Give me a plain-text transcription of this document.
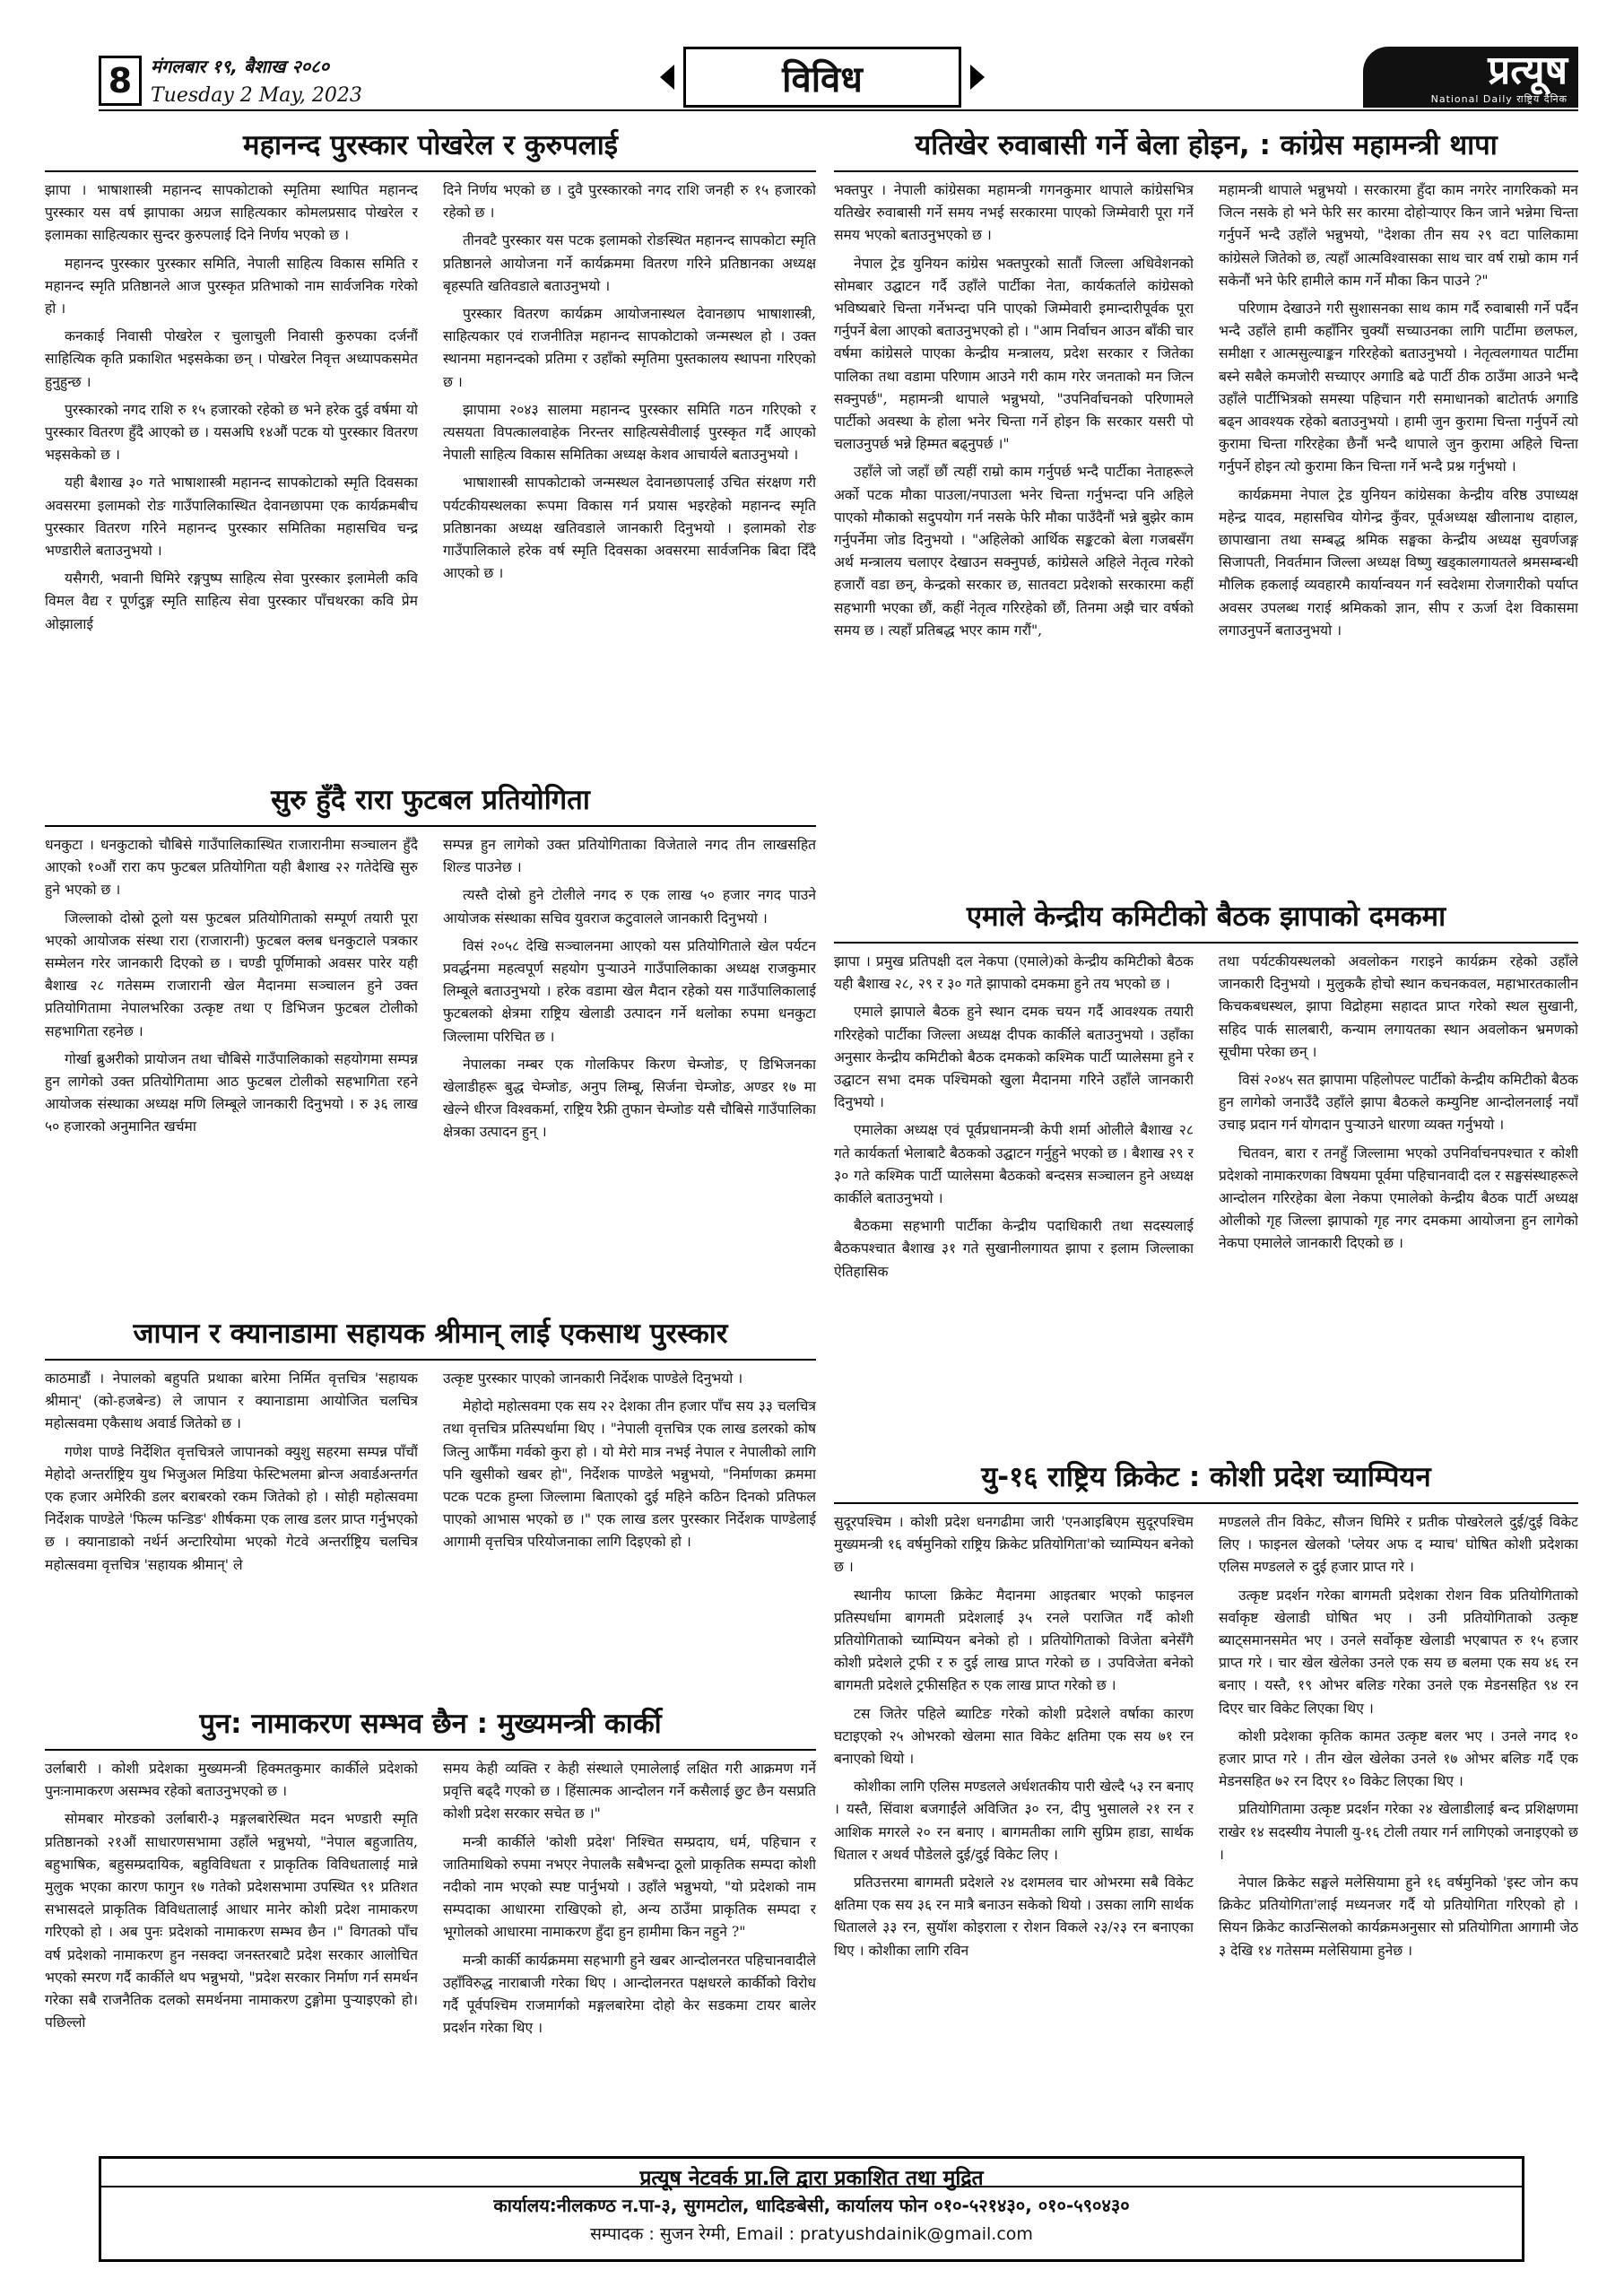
8	मंगलबार १९, बैशाख २०८०
Tuesday 2 May, 2023	विविध	प्रत्यूष
National Daily राष्ट्रिय दैनिक
महानन्द पुरस्कार पोखरेल र कुरुपलाई

झापा । भाषाशास्त्री महानन्द सापकोटाको स्मृतिमा स्थापित महानन्द पुरस्कार यस वर्ष झापाका अग्रज साहित्यकार कोमलप्रसाद पोखरेल र इलामका साहित्यकार सुन्दर कुरुपलाई दिने निर्णय भएको छ ।

महानन्द पुरस्कार पुरस्कार समिति, नेपाली साहित्य विकास समिति र महानन्द स्मृति प्रतिष्ठानले आज पुरस्कृत प्रतिभाको नाम सार्वजनिक गरेको हो ।

कनकाई निवासी पोखरेल र चुलाचुली निवासी कुरुपका दर्जनौं साहित्यिक कृति प्रकाशित भइसकेका छन् । पोखरेल निवृत्त अध्यापकसमेत हुनुहुन्छ ।

पुरस्कारको नगद राशि रु १५ हजारको रहेको छ भने हरेक दुई वर्षमा यो पुरस्कार वितरण हुँदै आएको छ । यसअघि १४औं पटक यो पुरस्कार वितरण भइसकेको छ ।

यही बैशाख ३० गते भाषाशास्त्री महानन्द सापकोटाको स्मृति दिवसका अवसरमा इलामको रोङ गाउँपालिकास्थित देवानछापमा एक कार्यक्रमबीच पुरस्कार वितरण गरिने महानन्द पुरस्कार समितिका महासचिव चन्द्र भण्डारीले बताउनुभयो ।

यसैगरी, भवानी घिमिरे रङ्गपुष्प साहित्य सेवा पुरस्कार इलामेली कवि विमल वैद्य र पूर्णदुङ्ग स्मृति साहित्य सेवा पुरस्कार पाँचथरका कवि प्रेम ओझालाई

दिने निर्णय भएको छ । दुवै पुरस्कारको नगद राशि जनही रु १५ हजारको रहेको छ ।

तीनवटै पुरस्कार यस पटक इलामको रोङस्थित महानन्द सापकोटा स्मृति प्रतिष्ठानले आयोजना गर्ने कार्यक्रममा वितरण गरिने प्रतिष्ठानका अध्यक्ष बृहस्पति खतिवडाले बताउनुभयो ।

पुरस्कार वितरण कार्यक्रम आयोजनास्थल देवानछाप भाषाशास्त्री, साहित्यकार एवं राजनीतिज्ञ महानन्द सापकोटाको जन्मस्थल हो । उक्त स्थानमा महानन्दको प्रतिमा र उहाँको स्मृतिमा पुस्तकालय स्थापना गरिएको छ ।

झापामा २०४३ सालमा महानन्द पुरस्कार समिति गठन गरिएको र त्यसयता विपत्कालवाहेक निरन्तर साहित्यसेवीलाई पुरस्कृत गर्दै आएको नेपाली साहित्य विकास समितिका अध्यक्ष केशव आचार्यले बताउनुभयो ।

भाषाशास्त्री सापकोटाको जन्मस्थल देवानछापलाई उचित संरक्षण गरी पर्यटकीयस्थलका रूपमा विकास गर्न प्रयास भइरहेको महानन्द स्मृति प्रतिष्ठानका अध्यक्ष खतिवडाले जानकारी दिनुभयो । इलामको रोङ गाउँपालिकाले हरेक वर्ष स्मृति दिवसका अवसरमा सार्वजनिक बिदा दिँदै आएको छ ।

सुरु हुँदै रारा फुटबल प्रतियोगिता

धनकुटा । धनकुटाको चौबिसे गाउँपालिकास्थित राजारानीमा सञ्चालन हुँदै आएको १०औं रारा कप फुटबल प्रतियोगिता यही बैशाख २२ गतेदेखि सुरु हुने भएको छ ।

जिल्लाको दोस्रो ठूलो यस फुटबल प्रतियोगिताको सम्पूर्ण तयारी पूरा भएको आयोजक संस्था रारा (राजारानी) फुटबल क्लब धनकुटाले पत्रकार सम्मेलन गरेर जानकारी दिएको छ । चण्डी पूर्णिमाको अवसर पारेर यही बैशाख २८ गतेसम्म राजारानी खेल मैदानमा सञ्चालन हुने उक्त प्रतियोगितामा नेपालभरिका उत्कृष्ट तथा ए डिभिजन फुटबल टोलीको सहभागिता रहनेछ ।

गोर्खा ब्रुअरीको प्रायोजन तथा चौबिसे गाउँपालिकाको सहयोगमा सम्पन्न हुन लागेको उक्त प्रतियोगितामा आठ फुटबल टोलीको सहभागिता रहने आयोजक संस्थाका अध्यक्ष मणि लिम्बूले जानकारी दिनुभयो । रु ३६ लाख ५० हजारको अनुमानित खर्चमा

सम्पन्न हुन लागेको उक्त प्रतियोगिताका विजेताले नगद तीन लाखसहित शिल्ड पाउनेछ ।

त्यस्तै दोस्रो हुने टोलीले नगद रु एक लाख ५० हजार नगद पाउने आयोजक संस्थाका सचिव युवराज कटुवालले जानकारी दिनुभयो ।

विसं २०५८ देखि सञ्चालनमा आएको यस प्रतियोगिताले खेल पर्यटन प्रवर्द्धनमा महत्वपूर्ण सहयोग पुऱ्याउने गाउँपालिकाका अध्यक्ष राजकुमार लिम्बूले बताउनुभयो । हरेक वडामा खेल मैदान रहेको यस गाउँपालिकालाई फुटबलको क्षेत्रमा राष्ट्रिय खेलाडी उत्पादन गर्ने थलोका रुपमा धनकुटा जिल्लामा परिचित छ ।

नेपालका नम्बर एक गोलकिपर किरण चेम्जोङ, ए डिभिजनका खेलाडीहरू बुद्ध चेम्जोङ, अनुप लिम्बू, सिर्जना चेम्जोङ, अण्डर १७ मा खेल्ने धीरज विश्वकर्मा, राष्ट्रिय रैफ्री तुफान चेम्जोङ यसै चौबिसे गाउँपालिका क्षेत्रका उत्पादन हुन् ।

जापान र क्यानाडामा सहायक श्रीमान् लाई एकसाथ पुरस्कार

काठमाडौं । नेपालको बहुपति प्रथाका बारेमा निर्मित वृत्तचित्र 'सहायक श्रीमान्' (को-हजबेन्ड) ले जापान र क्यानाडामा आयोजित चलचित्र महोत्सवमा एकैसाथ अवार्ड जितेको छ ।

गणेश पाण्डे निर्देशित वृत्तचित्रले जापानको क्युशु सहरमा सम्पन्न पाँचौं मेहोदो अन्तर्राष्ट्रिय युथ भिजुअल मिडिया फेस्टिभलमा ब्रोन्ज अवार्डअन्तर्गत एक हजार अमेरिकी डलर बराबरको रकम जितेको हो । सोही महोत्सवमा निर्देशक पाण्डेले 'फिल्म फन्डिङ' शीर्षकमा एक लाख डलर प्राप्त गर्नुभएको छ । क्यानाडाको नर्थर्न अन्टारियोमा भएको गेटवे अन्तर्राष्ट्रिय चलचित्र महोत्सवमा वृत्तचित्र 'सहायक श्रीमान्' ले

उत्कृष्ट पुरस्कार पाएको जानकारी निर्देशक पाण्डेले दिनुभयो ।

मेहोदो महोत्सवमा एक सय २२ देशका तीन हजार पाँच सय ३३ चलचित्र तथा वृत्तचित्र प्रतिस्पर्धामा थिए । "नेपाली वृत्तचित्र एक लाख डलरको कोष जित्नु आफैँमा गर्वको कुरा हो । यो मेरो मात्र नभई नेपाल र नेपालीको लागि पनि खुसीको खबर हो", निर्देशक पाण्डेले भन्नुभयो, "निर्माणका क्रममा पटक पटक हुम्ला जिल्लामा बिताएको दुई महिने कठिन दिनको प्रतिफल पाएको आभास भएको छ ।" एक लाख डलर पुरस्कार निर्देशक पाण्डेलाई आगामी वृत्तचित्र परियोजनाका लागि दिइएको हो ।

पुन: नामाकरण सम्भव छैन : मुख्यमन्त्री कार्की

उर्लाबारी । कोशी प्रदेशका मुख्यमन्त्री हिक्मतकुमार कार्कीले प्रदेशको पुनःनामाकरण असम्भव रहेको बताउनुभएको छ ।

सोमबार मोरङको उर्लाबारी-३ मङ्गलबारेस्थित मदन भण्डारी स्मृति प्रतिष्ठानको २१औं साधारणसभामा उहाँले भन्नुभयो, "नेपाल बहुजातिय, बहुभाषिक, बहुसम्प्रदायिक, बहुविविधता र प्राकृतिक विविधतालाई मान्ने मुलुक भएका कारण फागुन १७ गतेको प्रदेशसभामा उपस्थित ९१ प्रतिशत सभासदले प्राकृतिक विविधतालाई आधार मानेर कोशी प्रदेश नामाकरण गरिएको हो । अब पुनः प्रदेशको नामाकरण सम्भव छैन ।" विगतको पाँच वर्ष प्रदेशको नामाकरण हुन नसक्दा जनस्तरबाटै प्रदेश सरकार आलोचित भएको स्मरण गर्दै कार्कीले थप भन्नुभयो, "प्रदेश सरकार निर्माण गर्न समर्थन गरेका सबै राजनैतिक दलको समर्थनमा नामाकरण टुङ्गोमा पुऱ्याइएको हो। पछिल्लो

समय केही व्यक्ति र केही संस्थाले एमालेलाई लक्षित गरी आक्रमण गर्ने प्रवृत्ति बढ्दै गएको छ । हिंसात्मक आन्दोलन गर्ने कसैलाई छुट छैन यसप्रति कोशी प्रदेश सरकार सचेत छ ।"

मन्त्री कार्कीले 'कोशी प्रदेश' निश्चित सम्प्रदाय, धर्म, पहिचान र जातिमाथिको रुपमा नभएर नेपालकै सबैभन्दा ठूलो प्राकृतिक सम्पदा कोशी नदीको नाम भएको स्पष्ट पार्नुभयो । उहाँले भन्नुभयो, "यो प्रदेशको नाम सम्पदाका आधारमा राखिएको हो, अन्य ठाउँमा प्राकृतिक सम्पदा र भूगोलको आधारमा नामाकरण हुँदा हुन हामीमा किन नहुने ?"

मन्त्री कार्की कार्यक्रममा सहभागी हुने खबर आन्दोलनरत पहिचानवादीले उहाँविरुद्ध नाराबाजी गरेका थिए । आन्दोलनरत पक्षधरले कार्कीको विरोध गर्दै पूर्वपश्चिम राजमार्गको मङ्गलबारेमा दोहो केर सडकमा टायर बालेर प्रदर्शन गरेका थिए ।

यतिखेर रुवाबासी गर्ने बेला होइन, : कांग्रेस महामन्त्री थापा

भक्तपुर । नेपाली कांग्रेसका महामन्त्री गगनकुमार थापाले कांग्रेसभित्र यतिखेर रुवाबासी गर्ने समय नभई सरकारमा पाएको जिम्मेवारी पूरा गर्ने समय भएको बताउनुभएको छ ।

नेपाल ट्रेड युनियन कांग्रेस भक्तपुरको सातौं जिल्ला अधिवेशनको सोमबार उद्घाटन गर्दै उहाँले पार्टीका नेता, कार्यकर्ताले कांग्रेसको भविष्यबारे चिन्ता गर्नेभन्दा पनि पाएको जिम्मेवारी इमान्दारीपूर्वक पूरा गर्नुपर्ने बेला आएको बताउनुभएको हो । "आम निर्वाचन आउन बाँकी चार वर्षमा कांग्रेसले पाएका केन्द्रीय मन्त्रालय, प्रदेश सरकार र जितेका पालिका तथा वडामा परिणाम आउने गरी काम गरेर जनताको मन जित्न सक्नुपर्छ", महामन्त्री थापाले भन्नुभयो, "उपनिर्वाचनको परिणामले पार्टीको अवस्था के होला भनेर चिन्ता गर्ने होइन कि सरकार यसरी पो चलाउनुपर्छ भन्ने हिम्मत बढ्नुपर्छ ।"

उहाँले जो जहाँ छौं त्यहीं राम्रो काम गर्नुपर्छ भन्दै पार्टीका नेताहरूले अर्को पटक मौका पाउला/नपाउला भनेर चिन्ता गर्नुभन्दा पनि अहिले पाएको मौकाको सदुपयोग गर्न नसके फेरि मौका पाउँदैनौं भन्ने बुझेर काम गर्नुपर्नेमा जोड दिनुभयो । "अहिलेको आर्थिक सङ्कटको बेला गजबसँग अर्थ मन्त्रालय चलाएर देखाउन सक्नुपर्छ, कांग्रेसले अहिले नेतृत्व गरेको हजारौं वडा छन्, केन्द्रको सरकार छ, सातवटा प्रदेशको सरकारमा कहीं सहभागी भएका छौं, कहीं नेतृत्व गरिरहेको छौं, तिनमा अझै चार वर्षको समय छ । त्यहाँ प्रतिबद्ध भएर काम गरौं",

महामन्त्री थापाले भन्नुभयो । सरकारमा हुँदा काम नगरेर नागरिकको मन जित्न नसके हो भने फेरि सर कारमा दोहोऱ्याएर किन जाने भन्नेमा चिन्ता गर्नुपर्ने भन्दै उहाँले भन्नुभयो, "देशका तीन सय २९ वटा पालिकामा कांग्रेसले जितेको छ, त्यहाँ आत्मविश्वासका साथ चार वर्ष राम्रो काम गर्न सकेनौं भने फेरि हामीले काम गर्ने मौका किन पाउने ?"

परिणाम देखाउने गरी सुशासनका साथ काम गर्दै रुवाबासी गर्ने पर्दैन भन्दै उहाँले हामी कहाँनिर चुक्यौं सच्याउनका लागि पार्टीमा छलफल, समीक्षा र आत्मसुल्याङ्कन गरिरहेको बताउनुभयो । नेतृत्वलगायत पार्टीमा बस्ने सबैले कमजोरी सच्याएर अगाडि बढे पार्टी ठीक ठाउँमा आउने भन्दै उहाँले पार्टीभित्रको समस्या पहिचान गरी समाधानको बाटोतर्फ अगाडि बढ्न आवश्यक रहेको बताउनुभयो । हामी जुन कुरामा चिन्ता गर्नुपर्ने त्यो कुरामा चिन्ता गरिरहेका छैनौं भन्दै थापाले जुन कुरामा अहिले चिन्ता गर्नुपर्ने होइन त्यो कुरामा किन चिन्ता गर्ने भन्दै प्रश्न गर्नुभयो ।

कार्यक्रममा नेपाल ट्रेड युनियन कांग्रेसका केन्द्रीय वरिष्ठ उपाध्यक्ष महेन्द्र यादव, महासचिव योगेन्द्र कुँवर, पूर्वअध्यक्ष खीलानाथ दाहाल, छापाखाना तथा सम्बद्ध श्रमिक सङ्घका केन्द्रीय अध्यक्ष सुवर्णजङ्ग सिजापती, निवर्तमान जिल्ला अध्यक्ष विष्णु खड्कालगायतले श्रमसम्बन्धी मौलिक हकलाई व्यवहारमै कार्यान्वयन गर्न स्वदेशमा रोजगारीको पर्याप्त अवसर उपलब्ध गराई श्रमिकको ज्ञान, सीप र ऊर्जा देश विकासमा लगाउनुपर्ने बताउनुभयो ।

एमाले केन्द्रीय कमिटीको बैठक झापाको दमकमा

झापा । प्रमुख प्रतिपक्षी दल नेकपा (एमाले)को केन्द्रीय कमिटीको बैठक यही बैशाख २८, २९ र ३० गते झापाको दमकमा हुने तय भएको छ ।

एमाले झापाले बैठक हुने स्थान दमक चयन गर्दै आवश्यक तयारी गरिरहेको पार्टीका जिल्ला अध्यक्ष दीपक कार्कीले बताउनुभयो । उहाँका अनुसार केन्द्रीय कमिटीको बैठक दमकको कश्मिक पार्टी प्यालेसमा हुने र उद्घाटन सभा दमक पश्चिमको खुला मैदानमा गरिने उहाँले जानकारी दिनुभयो ।

एमालेका अध्यक्ष एवं पूर्वप्रधानमन्त्री केपी शर्मा ओलीले बैशाख २८ गते कार्यकर्ता भेलाबाटै बैठकको उद्घाटन गर्नुहुने भएको छ । बैशाख २९ र ३० गते कश्मिक पार्टी प्यालेसमा बैठकको बन्दसत्र सञ्चालन हुने अध्यक्ष कार्कीले बताउनुभयो ।

बैठकमा सहभागी पार्टीका केन्द्रीय पदाधिकारी तथा सदस्यलाई बैठकपश्चात बैशाख ३१ गते सुखानीलगायत झापा र इलाम जिल्लाका ऐतिहासिक

तथा पर्यटकीयस्थलको अवलोकन गराइने कार्यक्रम रहेको उहाँले जानकारी दिनुभयो । मुलुककै होचो स्थान कचनकवल, महाभारतकालीन किचकबधस्थल, झापा विद्रोहमा सहादत प्राप्त गरेको स्थल सुखानी, सहिद पार्क सालबारी, कन्याम लगायतका स्थान अवलोकन भ्रमणको सूचीमा परेका छन् ।

विसं २०४५ सत झापामा पहिलोपल्ट पार्टीको केन्द्रीय कमिटीको बैठक हुन लागेको जनाउँदै उहाँले झापा बैठकले कम्युनिष्ट आन्दोलनलाई नयाँ उचाइ प्रदान गर्न योगदान पुऱ्याउने धारणा व्यक्त गर्नुभयो ।

चितवन, बारा र तनहुँ जिल्लामा भएको उपनिर्वाचनपश्चात र कोशी प्रदेशको नामाकरणका विषयमा पूर्वमा पहिचानवादी दल र सङ्घसंस्थाहरूले आन्दोलन गरिरहेका बेला नेकपा एमालेको केन्द्रीय बैठक पार्टी अध्यक्ष ओलीको गृह जिल्ला झापाको गृह नगर दमकमा आयोजना हुन लागेको नेकपा एमालेले जानकारी दिएको छ ।

यु-१६ राष्ट्रिय क्रिकेट : कोशी प्रदेश च्याम्पियन

सुदूरपश्चिम । कोशी प्रदेश धनगढीमा जारी 'एनआइबिएम सुदूरपश्चिम मुख्यमन्त्री १६ वर्षमुनिको राष्ट्रिय क्रिकेट प्रतियोगिता'को च्याम्पियन बनेको छ ।

स्थानीय फाप्ला क्रिकेट मैदानमा आइतबार भएको फाइनल प्रतिस्पर्धामा बागमती प्रदेशलाई ३५ रनले पराजित गर्दै कोशी प्रतियोगिताको च्याम्पियन बनेको हो । प्रतियोगिताको विजेता बनेसँगै कोशी प्रदेशले ट्रफी र रु दुई लाख प्राप्त गरेको छ । उपविजेता बनेको बागमती प्रदेशले ट्रफीसहित रु एक लाख प्राप्त गरेको छ ।

टस जितेर पहिले ब्याटिङ गरेको कोशी प्रदेशले वर्षाका कारण घटाइएको २५ ओभरको खेलमा सात विकेट क्षतिमा एक सय ७१ रन बनाएको थियो ।

कोशीका लागि एलिस मण्डलले अर्धशतकीय पारी खेल्दै ५३ रन बनाए । यस्तै, सिंवाश बजगाईंले अविजित ३० रन, दीपु भुसालले २१ रन र आशिक मगरले २० रन बनाए । बागमतीका लागि सुप्रिम हाडा, सार्थक धिताल र अथर्व पौडेलले दुई/दुई विकेट लिए ।

प्रतिउत्तरमा बागमती प्रदेशले २४ दशमलव चार ओभरमा सबै विकेट क्षतिमा एक सय ३६ रन मात्रै बनाउन सकेको थियो । उसका लागि सार्थक धितालले ३३ रन, सुयॉश कोइराला र रोशन विकले २३/२३ रन बनाएका थिए । कोशीका लागि रविन

मण्डलले तीन विकेट, सौजन घिमिरे र प्रतीक पोखरेलले दुई/दुई विकेट लिए । फाइनल खेलको 'प्लेयर अफ द म्याच' घोषित कोशी प्रदेशका एलिस मण्डलले रु दुई हजार प्राप्त गरे ।

उत्कृष्ट प्रदर्शन गरेका बागमती प्रदेशका रोशन विक प्रतियोगिताको सर्वाकृष्ट खेलाडी घोषित भए । उनी प्रतियोगिताको उत्कृष्ट ब्याट्समानसमेत भए । उनले सर्वोकृष्ट खेलाडी भएबापत रु १५ हजार प्राप्त गरे । चार खेल खेलेका उनले एक सय छ बलमा एक सय ४६ रन बनाए । यस्तै, १९ ओभर बलिङ गरेका उनले एक मेडनसहित ९४ रन दिएर चार विकेट लिएका थिए ।

कोशी प्रदेशका कृतिक कामत उत्कृष्ट बलर भए । उनले नगद १० हजार प्राप्त गरे । तीन खेल खेलेका उनले १७ ओभर बलिङ गर्दै एक मेडनसहित ७२ रन दिएर १० विकेट लिएका थिए ।

प्रतियोगितामा उत्कृष्ट प्रदर्शन गरेका २४ खेलाडीलाई बन्द प्रशिक्षणमा राखेर १४ सदस्यीय नेपाली यु-१६ टोली तयार गर्न लागिएको जनाइएको छ ।

नेपाल क्रिकेट सङ्घले मलेसियामा हुने १६ वर्षमुनिको 'इस्ट जोन कप क्रिकेट प्रतियोगिता'लाई मध्यनजर गर्दै यो प्रतियोगिता गरिएको हो । सियन क्रिकेट काउन्सिलको कार्यक्रमअनुसार सो प्रतियोगिता आगामी जेठ ३ देखि १४ गतेसम्म मलेसियामा हुनेछ ।

प्रत्यूष नेटवर्क प्रा.लि द्वारा प्रकाशित तथा मुद्रित
कार्यालय:नीलकण्ठ न.पा-३, सुगमटोल, धादिङबेसी, कार्यालय फोन ०१०-५२१४३०, ०१०-५९०४३०
सम्पादक : सुजन रेग्मी, Email : pratyushdainik@gmail.com
